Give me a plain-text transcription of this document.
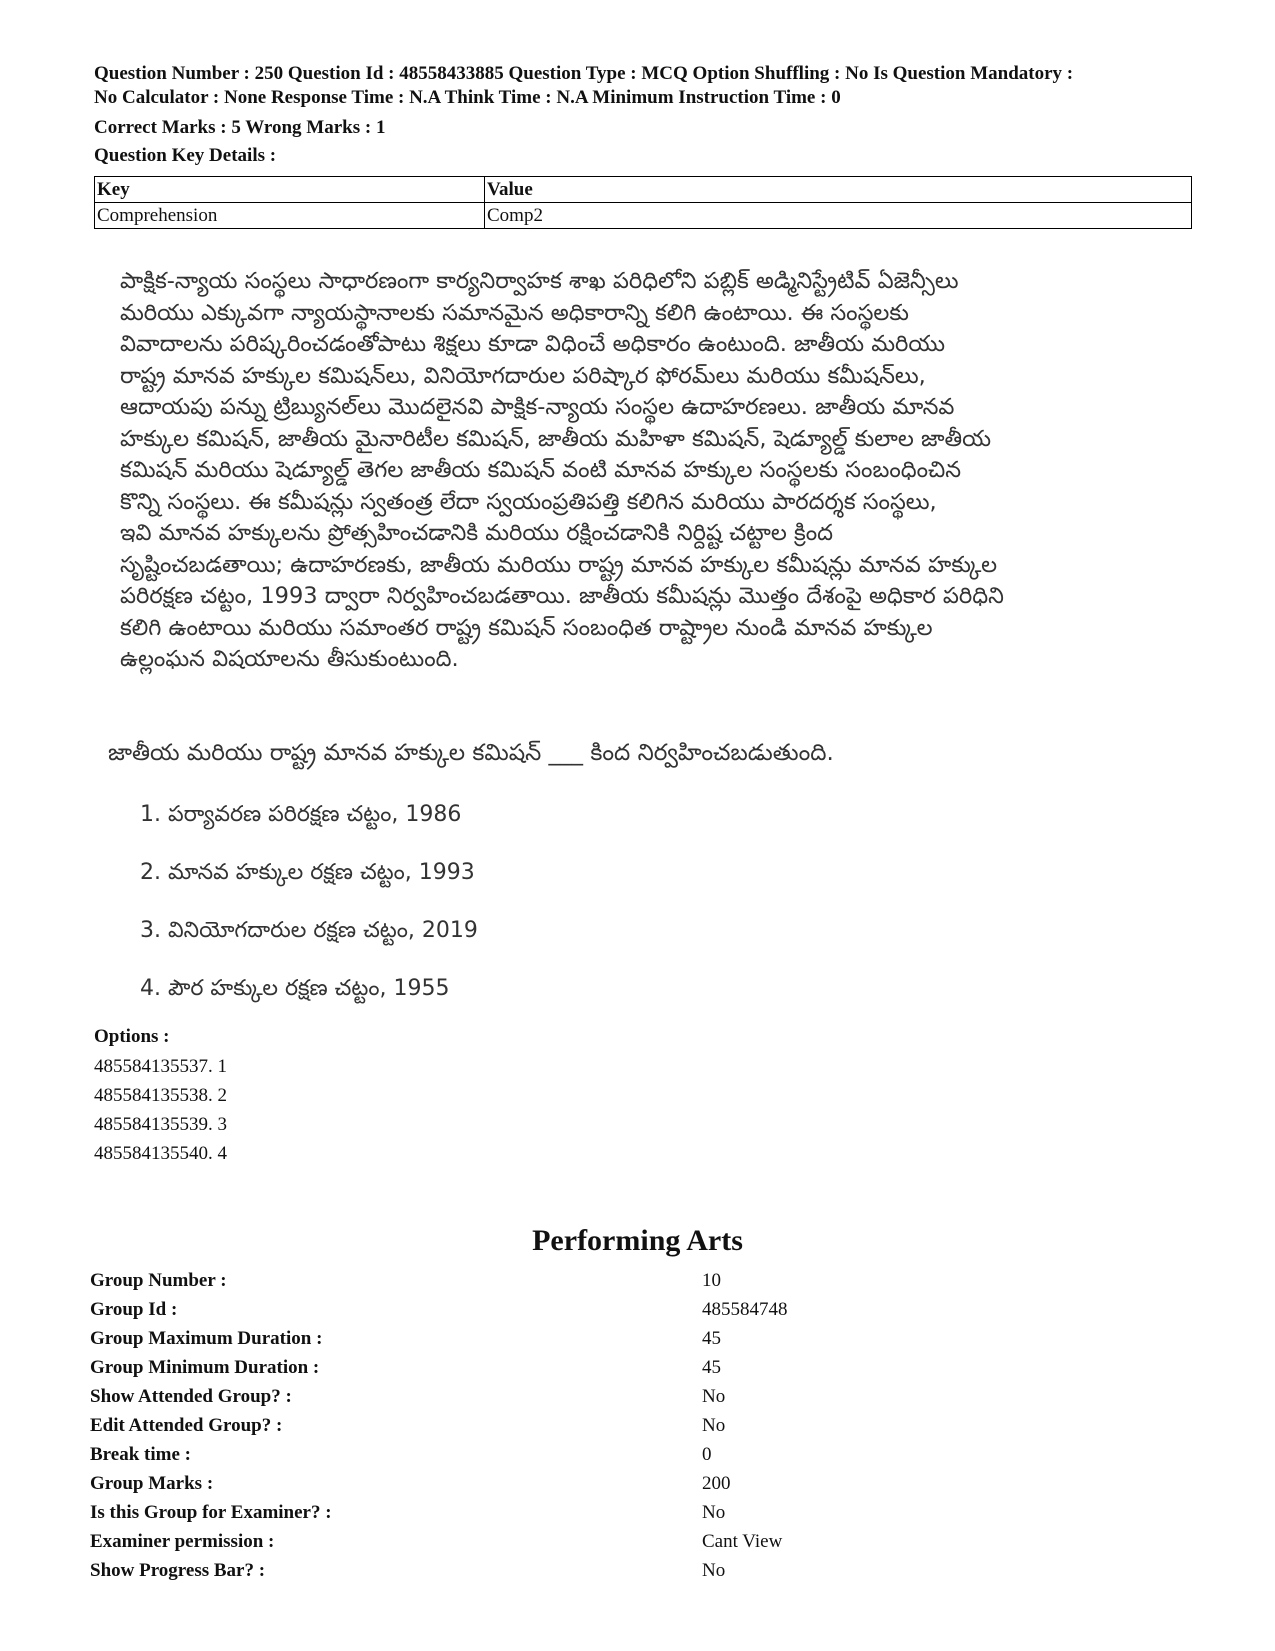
Question Number : 250 Question Id : 48558433885 Question Type : MCQ Option Shuffling : No Is Question Mandatory :
No Calculator : None Response Time : N.A Think Time : N.A Minimum Instruction Time : 0
Correct Marks : 5 Wrong Marks : 1
Question Key Details :
Key	Value
Comprehension	Comp2
పాక్షిక-న్యాయ సంస్థలు సాధారణంగా కార్యనిర్వాహక శాఖ పరిధిలోని పబ్లిక్ అడ్మినిస్ట్రేటివ్ ఏజెన్సీలు
మరియు ఎక్కువగా న్యాయస్థానాలకు సమానమైన అధికారాన్ని కలిగి ఉంటాయి. ఈ సంస్థలకు
వివాదాలను పరిష్కరించడంతోపాటు శిక్షలు కూడా విధించే అధికారం ఉంటుంది. జాతీయ మరియు
రాష్ట్ర మానవ హక్కుల కమిషన్‌లు, వినియోగదారుల పరిష్కార ఫోరమ్‌లు మరియు కమీషన్‌లు,
ఆదాయపు పన్ను ట్రిబ్యునల్‌లు మొదలైనవి పాక్షిక-న్యాయ సంస్థల ఉదాహరణలు. జాతీయ మానవ
హక్కుల కమిషన్, జాతీయ మైనారిటీల కమిషన్, జాతీయ మహిళా కమిషన్, షెడ్యూల్డ్ కులాల జాతీయ
కమిషన్ మరియు షెడ్యూల్డ్ తెగల జాతీయ కమిషన్ వంటి మానవ హక్కుల సంస్థలకు సంబంధించిన
కొన్ని సంస్థలు. ఈ కమీషన్లు స్వతంత్ర లేదా స్వయంప్రతిపత్తి కలిగిన మరియు పారదర్శక సంస్థలు,
ఇవి మానవ హక్కులను ప్రోత్సహించడానికి మరియు రక్షించడానికి నిర్దిష్ట చట్టాల క్రింద
సృష్టించబడతాయి; ఉదాహరణకు, జాతీయ మరియు రాష్ట్ర మానవ హక్కుల కమీషన్లు మానవ హక్కుల
పరిరక్షణ చట్టం, 1993 ద్వారా నిర్వహించబడతాయి. జాతీయ కమీషన్లు మొత్తం దేశంపై అధికార పరిధిని
కలిగి ఉంటాయి మరియు సమాంతర రాష్ట్ర కమిషన్ సంబంధిత రాష్ట్రాల నుండి మానవ హక్కుల
ఉల్లంఘన విషయాలను తీసుకుంటుంది.
జాతీయ మరియు రాష్ట్ర మానవ హక్కుల కమిషన్ ___ కింద నిర్వహించబడుతుంది.
1. పర్యావరణ పరిరక్షణ చట్టం, 1986
2. మానవ హక్కుల రక్షణ చట్టం, 1993
3. వినియోగదారుల రక్షణ చట్టం, 2019
4. పౌర హక్కుల రక్షణ చట్టం, 1955
Options :
485584135537. 1
485584135538. 2
485584135539. 3
485584135540. 4
Performing Arts
Group Number :	10
Group Id :	485584748
Group Maximum Duration :	45
Group Minimum Duration :	45
Show Attended Group? :	No
Edit Attended Group? :	No
Break time :	0
Group Marks :	200
Is this Group for Examiner? :	No
Examiner permission :	Cant View
Show Progress Bar? :	No
